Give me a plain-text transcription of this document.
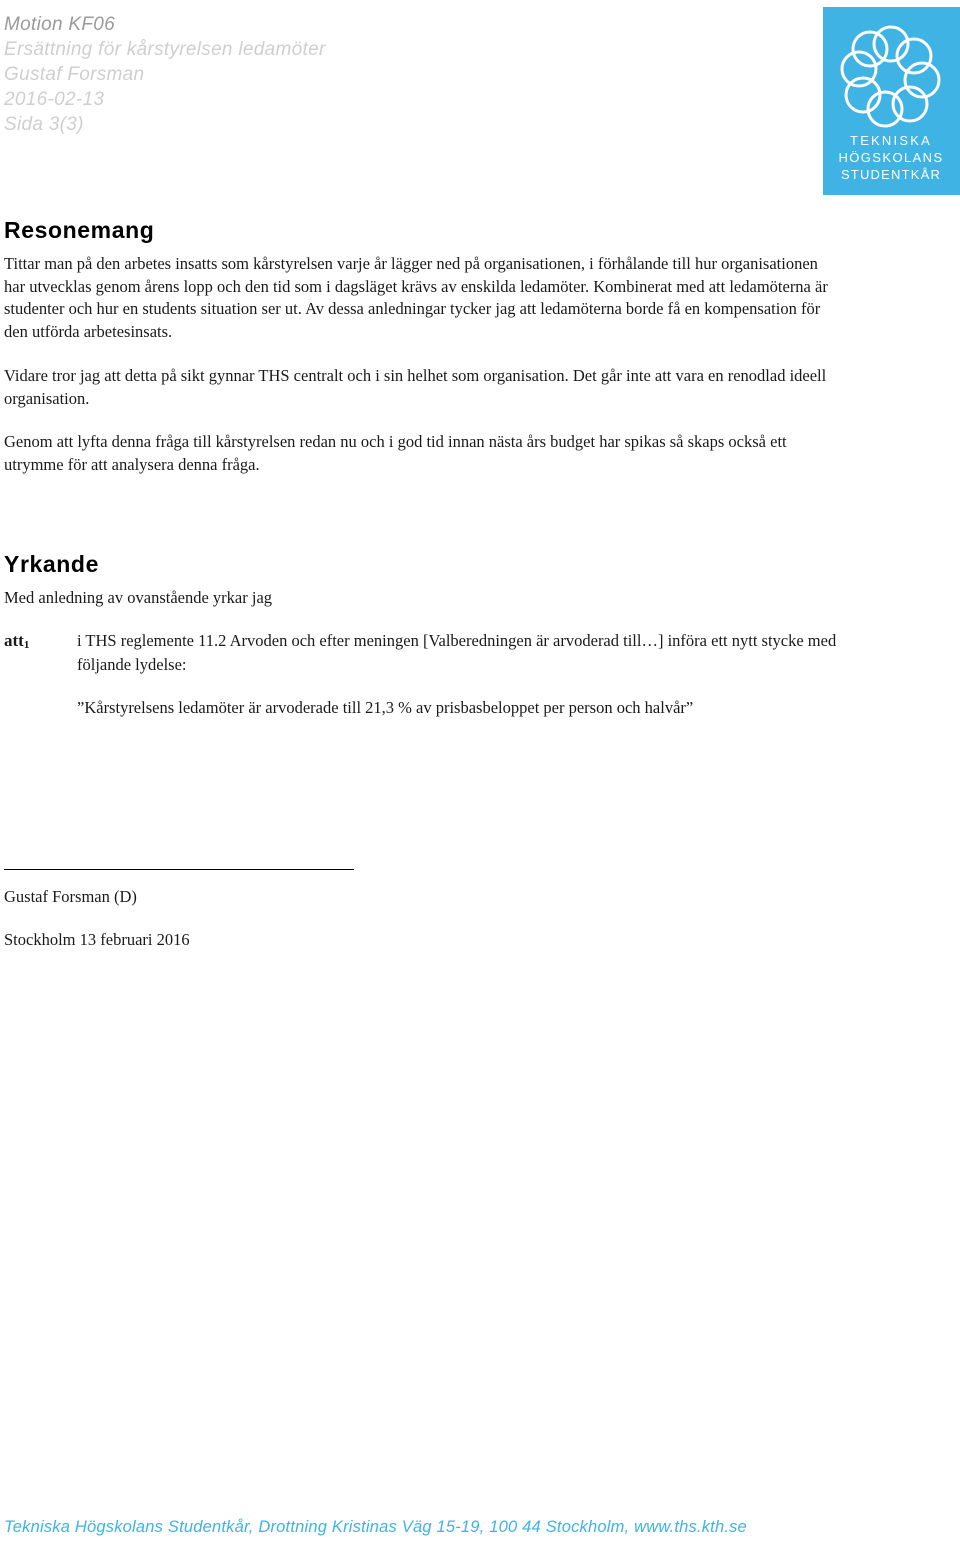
Motion KF06
Ersättning för kårstyrelsen ledamöter
Gustaf Forsman
2016-02-13
Sida 3(3)
TEKNISKA
HÖGSKOLANS
STUDENTKÅR
Resonemang

Tittar man på den arbetes insatts som kårstyrelsen varje år lägger ned på organisationen, i förhålande till hur organisationen har utvecklas genom årens lopp och den tid som i dagsläget krävs av enskilda ledamöter. Kombinerat med att ledamöterna är studenter och hur en students situation ser ut. Av dessa anledningar tycker jag att ledamöterna borde få en kompensation för den utförda arbetesinsats.

Vidare tror jag att detta på sikt gynnar THS centralt och i sin helhet som organisation. Det går inte att vara en renodlad ideell organisation.

Genom att lyfta denna fråga till kårstyrelsen redan nu och i god tid innan nästa års budget har spikas så skaps också ett utrymme för att analysera denna fråga.

Yrkande

Med anledning av ovanstående yrkar jag

att$_1$	i THS reglemente 11.2 Arvoden och efter meningen [Valberedningen är arvoderad till…] införa ett nytt stycke med följande lydelse:
”Kårstyrelsens ledamöter är arvoderade till 21,3 % av prisbasbeloppet per person och halvår”
Gustaf Forsman (D)
Stockholm 13 februari 2016
Tekniska Högskolans Studentkår, Drottning Kristinas Väg 15-19, 100 44 Stockholm, www.ths.kth.se
